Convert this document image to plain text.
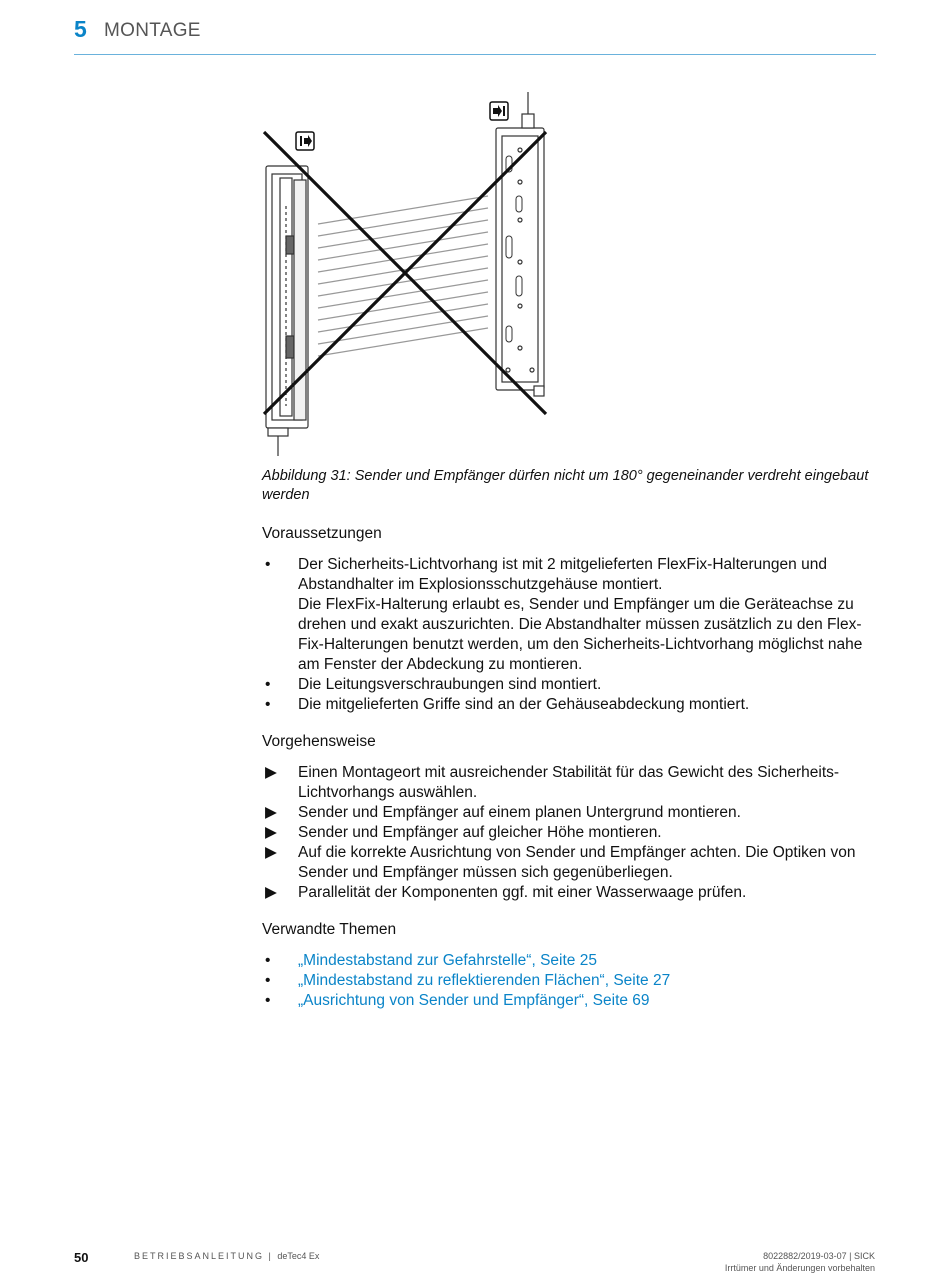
5 MONTAGE
Abbildung 31: Sender und Empfänger dürfen nicht um 180° gegeneinander verdreht eingebaut werden
Voraussetzungen
•	Der Sicherheits-Lichtvorhang ist mit 2 mitgelieferten FlexFix-Halterungen und Abstandhalter im Explosionsschutzgehäuse montiert.
Die FlexFix-Halterung erlaubt es, Sender und Empfänger um die Geräteachse zu drehen und exakt auszurichten. Die Abstandhalter müssen zusätzlich zu den Flex-Fix-Halterungen benutzt werden, um den Sicherheits-Lichtvorhang möglichst nahe am Fenster der Abdeckung zu montieren.
•	Die Leitungsverschraubungen sind montiert.
•	Die mitgelieferten Griffe sind an der Gehäuseabdeckung montiert.
Vorgehensweise
▶ Einen Montageort mit ausreichender Stabilität für das Gewicht des Sicherheits-Lichtvorhangs auswählen.
▶ Sender und Empfänger auf einem planen Untergrund montieren.
▶ Sender und Empfänger auf gleicher Höhe montieren.
▶ Auf die korrekte Ausrichtung von Sender und Empfänger achten. Die Optiken von Sender und Empfänger müssen sich gegenüberliegen.
▶ Parallelität der Komponenten ggf. mit einer Wasserwaage prüfen.
Verwandte Themen
•	„Mindestabstand zur Gefahrstelle“, Seite 25
•	„Mindestabstand zu reflektierenden Flächen“, Seite 27
•	„Ausrichtung von Sender und Empfänger“, Seite 69
50	BETRIEBSANLEITUNG | deTec4 Ex	8022882/2019-03-07 | SICK
Irrtümer und Änderungen vorbehalten
